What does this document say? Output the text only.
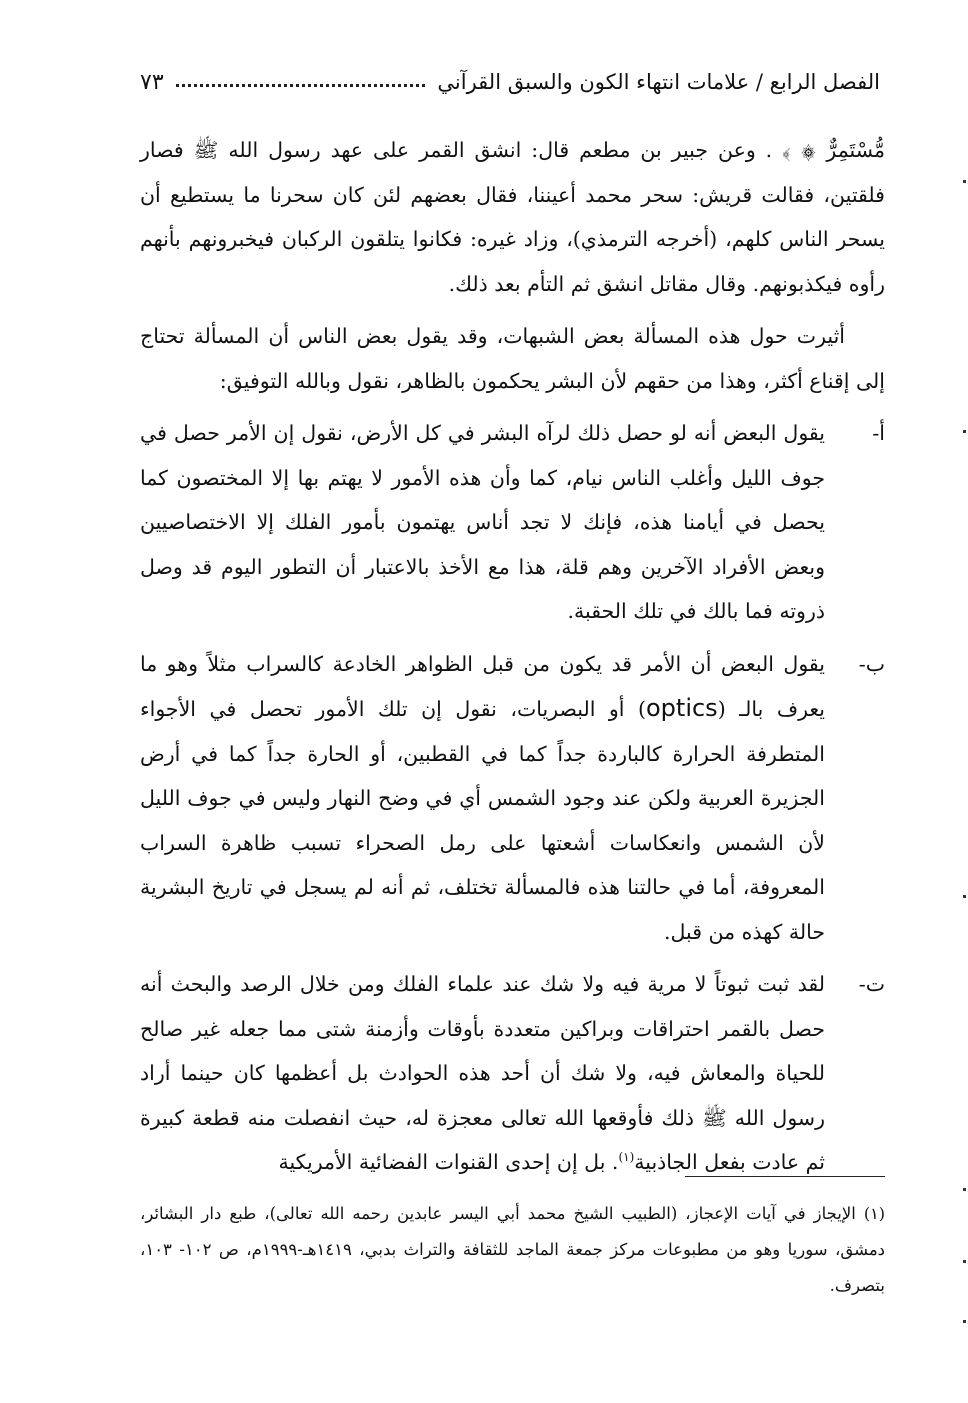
الفصل الرابع / علامات انتهاء الكون والسبق القرآني
٧٣

مُّسْتَمِرٌّ ۞ ﴾ . وعن جبير بن مطعم قال: انشق القمر على عهد رسول الله ﷺ فصار فلقتين، فقالت قريش: سحر محمد أعيننا، فقال بعضهم لئن كان سحرنا ما يستطيع أن يسحر الناس كلهم، (أخرجه الترمذي)، وزاد غيره: فكانوا يتلقون الركبان فيخبرونهم بأنهم رأوه فيكذبونهم. وقال مقاتل انشق ثم التأم بعد ذلك.

أثيرت حول هذه المسألة بعض الشبهات، وقد يقول بعض الناس أن المسألة تحتاج إلى إقناع أكثر، وهذا من حقهم لأن البشر يحكمون بالظاهر، نقول وبالله التوفيق:

أ-

يقول البعض أنه لو حصل ذلك لرآه البشر في كل الأرض، نقول إن الأمر حصل في جوف الليل وأغلب الناس نيام، كما وأن هذه الأمور لا يهتم بها إلا المختصون كما يحصل في أيامنا هذه، فإنك لا تجد أناس يهتمون بأمور الفلك إلا الاختصاصيين وبعض الأفراد الآخرين وهم قلة، هذا مع الأخذ بالاعتبار أن التطور اليوم قد وصل ذروته فما بالك في تلك الحقبة.

ب-

يقول البعض أن الأمر قد يكون من قبل الظواهر الخادعة كالسراب مثلاً وهو ما يعرف بالـ (optics) أو البصريات، نقول إن تلك الأمور تحصل في الأجواء المتطرفة الحرارة كالباردة جداً كما في القطبين، أو الحارة جداً كما في أرض الجزيرة العربية ولكن عند وجود الشمس أي في وضح النهار وليس في جوف الليل لأن الشمس وانعكاسات أشعتها على رمل الصحراء تسبب ظاهرة السراب المعروفة، أما في حالتنا هذه فالمسألة تختلف، ثم أنه لم يسجل في تاريخ البشرية حالة كهذه من قبل.

ت-

لقد ثبت ثبوتاً لا مرية فيه ولا شك عند علماء الفلك ومن خلال الرصد والبحث أنه حصل بالقمر احتراقات وبراكين متعددة بأوقات وأزمنة شتى مما جعله غير صالح للحياة والمعاش فيه، ولا شك أن أحد هذه الحوادث بل أعظمها كان حينما أراد رسول الله ﷺ ذلك فأوقعها الله تعالى معجزة له، حيث انفصلت منه قطعة كبيرة ثم عادت بفعل الجاذبية$^{(١)}$. بل إن إحدى القنوات الفضائية الأمريكية

(١) الإيجاز في آيات الإعجاز، (الطبيب الشيخ محمد أبي اليسر عابدين رحمه الله تعالى)، طبع دار البشائر، دمشق، سوريا وهو من مطبوعات مركز جمعة الماجد للثقافة والتراث بدبي، ١٤١٩هـ-١٩٩٩م، ص ١٠٢- ١٠٣، بتصرف.
